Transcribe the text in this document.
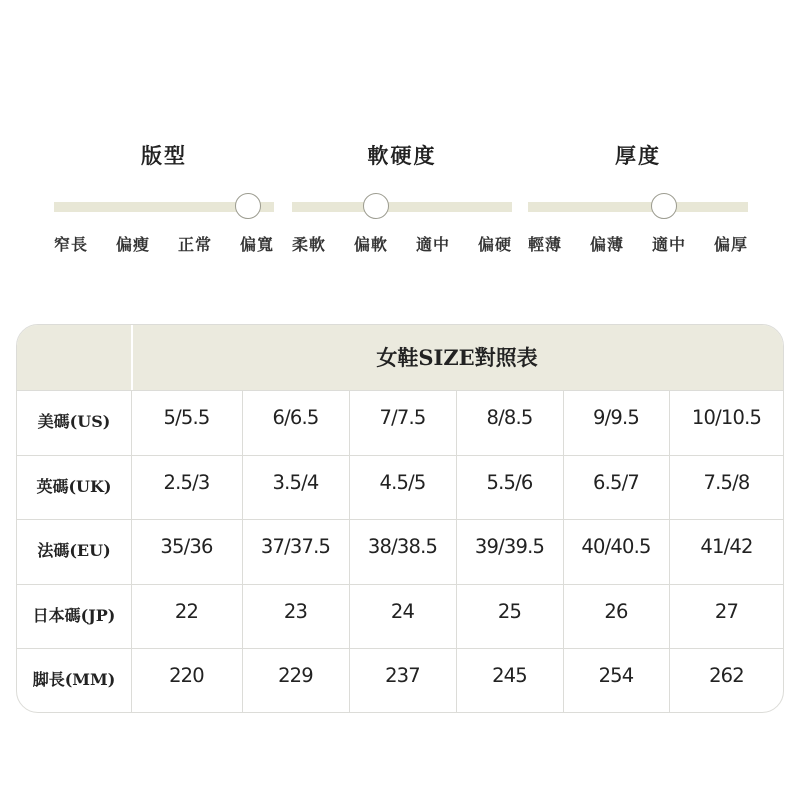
版型
窄長 偏瘦 正常 偏寬
軟硬度
柔軟 偏軟 適中 偏硬
厚度
輕薄 偏薄 適中 偏厚
女鞋SIZE對照表
美碼(US)	5/5.5	6/6.5	7/7.5	8/8.5	9/9.5	10/10.5
英碼(UK)	2.5/3	3.5/4	4.5/5	5.5/6	6.5/7	7.5/8
法碼(EU)	35/36	37/37.5	38/38.5	39/39.5	40/40.5	41/42
日本碼(JP)	22	23	24	25	26	27
脚長(MM)	220	229	237	245	254	262
